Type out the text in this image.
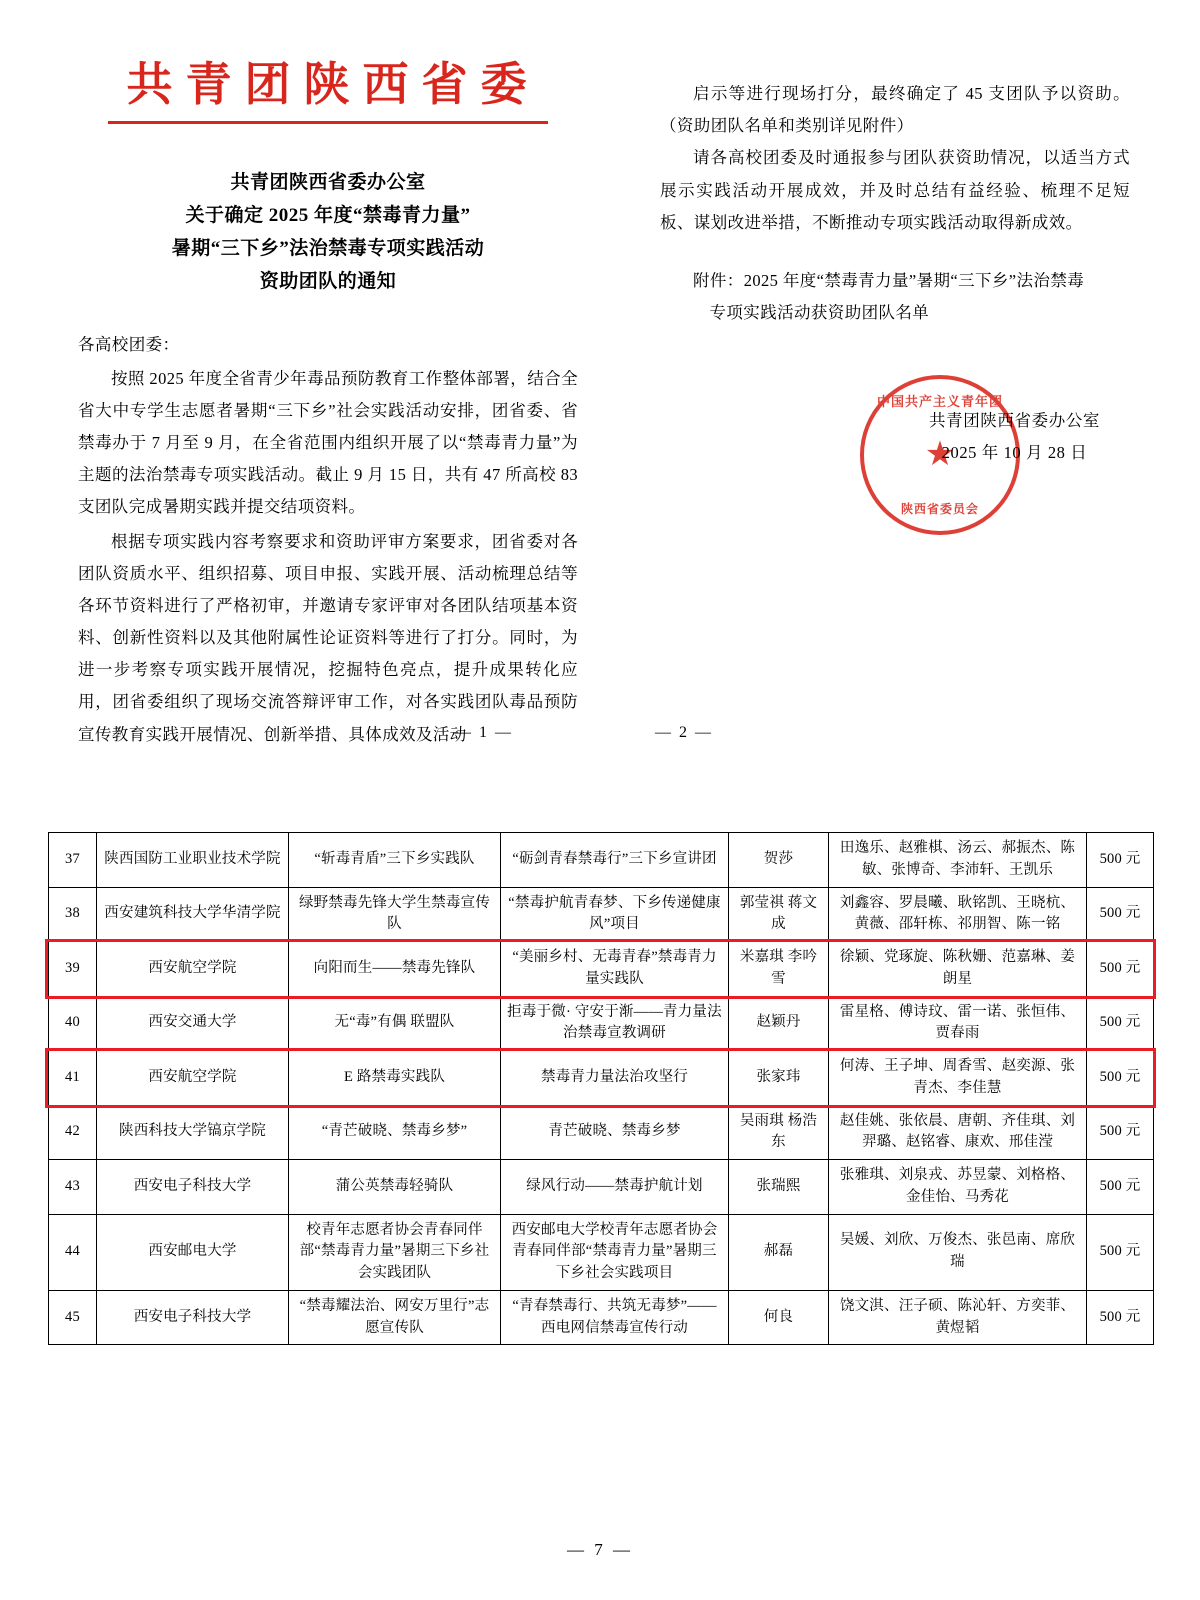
共青团陕西省委
共青团陕西省委办公室
关于确定 2025 年度“禁毒青力量”
暑期“三下乡”法治禁毒专项实践活动
资助团队的通知
各高校团委：
按照 2025 年度全省青少年毒品预防教育工作整体部署，结合全省大中专学生志愿者暑期“三下乡”社会实践活动安排，团省委、省禁毒办于 7 月至 9 月，在全省范围内组织开展了以“禁毒青力量”为主题的法治禁毒专项实践活动。截止 9 月 15 日，共有 47 所高校 83 支团队完成暑期实践并提交结项资料。
根据专项实践内容考察要求和资助评审方案要求，团省委对各团队资质水平、组织招募、项目申报、实践开展、活动梳理总结等各环节资料进行了严格初审，并邀请专家评审对各团队结项基本资料、创新性资料以及其他附属性论证资料等进行了打分。同时，为进一步考察专项实践开展情况，挖掘特色亮点，提升成果转化应用，团省委组织了现场交流答辩评审工作，对各实践团队毒品预防宣传教育实践开展情况、创新举措、具体成效及活动
启示等进行现场打分，最终确定了 45 支团队予以资助。（资助团队名单和类别详见附件）
请各高校团委及时通报参与团队获资助情况，以适当方式展示实践活动开展成效，并及时总结有益经验、梳理不足短板、谋划改进举措，不断推动专项实践活动取得新成效。
附件：2025 年度“禁毒青力量”暑期“三下乡”法治禁毒
专项实践活动获资助团队名单
中国共产主义青年团
★
陕西省委员会
共青团陕西省委办公室
2025 年 10 月 28 日
— 1 —	— 2 —
37	陕西国防工业职业技术学院	“斩毒青盾”三下乡实践队	“砺剑青春禁毒行”三下乡宣讲团	贺莎	田逸乐、赵雅棋、汤云、郝振杰、陈敏、张博奇、李沛轩、王凯乐	500 元
38	西安建筑科技大学华清学院	绿野禁毒先锋大学生禁毒宣传队	“禁毒护航青春梦、下乡传递健康风”项目	郭莹祺 蒋文成	刘鑫容、罗晨曦、耿铭凯、王晓杭、黄薇、邵轩栋、祁朋智、陈一铭	500 元
39	西安航空学院	向阳而生——禁毒先锋队	“美丽乡村、无毒青春”禁毒青力量实践队	米嘉琪 李吟雪	徐颖、党琢旋、陈秋姗、范嘉琳、姜朗星	500 元
40	西安交通大学	无“毒”有偶 联盟队	拒毒于微· 守安于渐——青力量法治禁毒宣教调研	赵颖丹	雷星格、傅诗玟、雷一诺、张恒伟、贾春雨	500 元
41	西安航空学院	E 路禁毒实践队	禁毒青力量法治攻坚行	张家玮	何涛、王子坤、周香雪、赵奕源、张青杰、李佳慧	500 元
42	陕西科技大学镐京学院	“青芒破晓、禁毒乡梦”	青芒破晓、禁毒乡梦	吴雨琪 杨浩东	赵佳姚、张依晨、唐朝、齐佳琪、刘羿璐、赵铭睿、康欢、邢佳滢	500 元
43	西安电子科技大学	蒲公英禁毒轻骑队	绿风行动——禁毒护航计划	张瑞熙	张雅琪、刘泉戎、苏昱蒙、刘格格、金佳怡、马秀花	500 元
44	西安邮电大学	校青年志愿者协会青春同伴部“禁毒青力量”暑期三下乡社会实践团队	西安邮电大学校青年志愿者协会青春同伴部“禁毒青力量”暑期三下乡社会实践项目	郝磊	吴媛、刘欣、万俊杰、张邑南、席欣瑞	500 元
45	西安电子科技大学	“禁毒耀法治、网安万里行”志愿宣传队	“青春禁毒行、共筑无毒梦”——西电网信禁毒宣传行动	何良	饶文淇、汪子硕、陈沁轩、方奕菲、黄煜韬	500 元
— 7 —
